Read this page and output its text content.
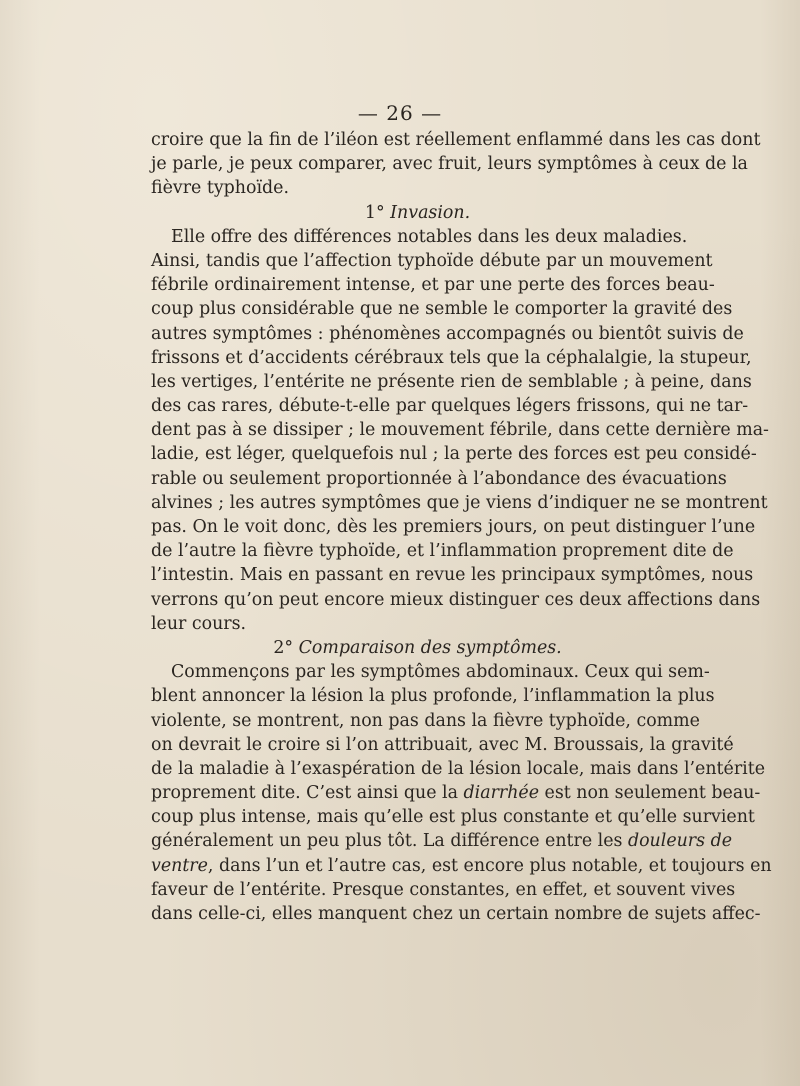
— 26 —
croire que la fin de l’iléon est réellement enflammé dans les cas dont
je parle, je peux comparer, avec fruit, leurs symptômes à ceux de la
fièvre typhoïde.
1° Invasion.
Elle offre des différences notables dans les deux maladies.
Ainsi, tandis que l’affection typhoïde débute par un mouvement
fébrile ordinairement intense, et par une perte des forces beau-
coup plus considérable que ne semble le comporter la gravité des
autres symptômes : phénomènes accompagnés ou bientôt suivis de
frissons et d’accidents cérébraux tels que la céphalalgie, la stupeur,
les vertiges, l’entérite ne présente rien de semblable ; à peine, dans
des cas rares, débute-t-elle par quelques légers frissons, qui ne tar-
dent pas à se dissiper ; le mouvement fébrile, dans cette dernière ma-
ladie, est léger, quelquefois nul ; la perte des forces est peu considé-
rable ou seulement proportionnée à l’abondance des évacuations
alvines ; les autres symptômes que je viens d’indiquer ne se montrent
pas. On le voit donc, dès les premiers jours, on peut distinguer l’une
de l’autre la fièvre typhoïde, et l’inflammation proprement dite de
l’intestin. Mais en passant en revue les principaux symptômes, nous
verrons qu’on peut encore mieux distinguer ces deux affections dans
leur cours.
2° Comparaison des symptômes.
Commençons par les symptômes abdominaux. Ceux qui sem-
blent annoncer la lésion la plus profonde, l’inflammation la plus
violente, se montrent, non pas dans la fièvre typhoïde, comme
on devrait le croire si l’on attribuait, avec M. Broussais, la gravité
de la maladie à l’exaspération de la lésion locale, mais dans l’entérite
proprement dite. C’est ainsi que la diarrhée est non seulement beau-
coup plus intense, mais qu’elle est plus constante et qu’elle survient
généralement un peu plus tôt. La différence entre les douleurs de
ventre, dans l’un et l’autre cas, est encore plus notable, et toujours en
faveur de l’entérite. Presque constantes, en effet, et souvent vives
dans celle-ci, elles manquent chez un certain nombre de sujets affec-
